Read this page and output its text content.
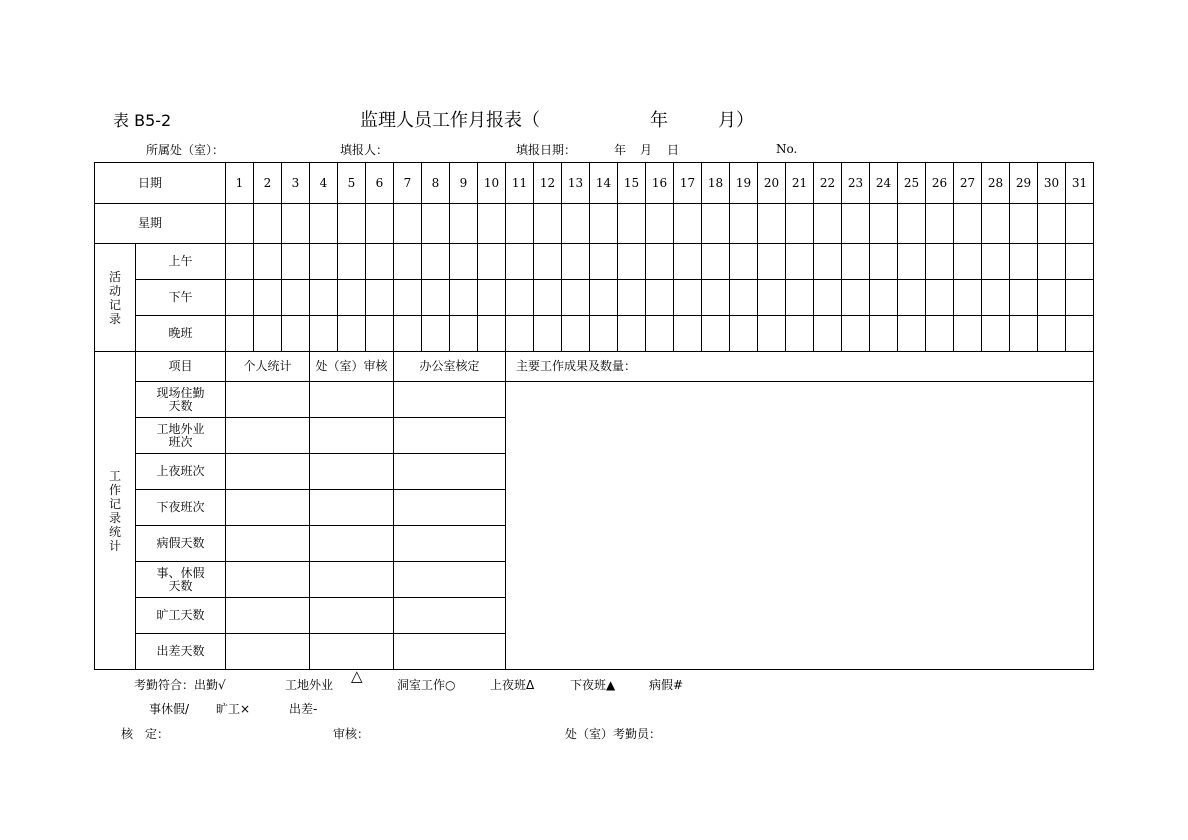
表 B5-2	监理人员工作月报表（	年	月）
所属处（室）：	填报人：	填报日期：	年 月 日	No.
日期		1	2	3	4	5	6	7	8	9	10	11	12	13	14	15	16	17	18	19	20	21	22	23	24	25	26	27	28	29	30	31
星期																																
活动记录	上午																															
	下午																															
	晚班																															
工作记录统计	项目	个人统计			处（室）审核			办公室核定				主要工作成果及数量：																				

	现场住勤
天数																															

	工地外业
班次																															

	上夜班次																															

	下夜班次																															

	病假天数																															

	事、休假
天数																															

	旷工天数																															

	出差天数																															

考勤符合：出勤√	工地外业 △	洞室工作○	上夜班Δ	下夜班▲	病假#
事休假/ 旷工×	出差-
核　定：	审核：	处（室）考勤员：
